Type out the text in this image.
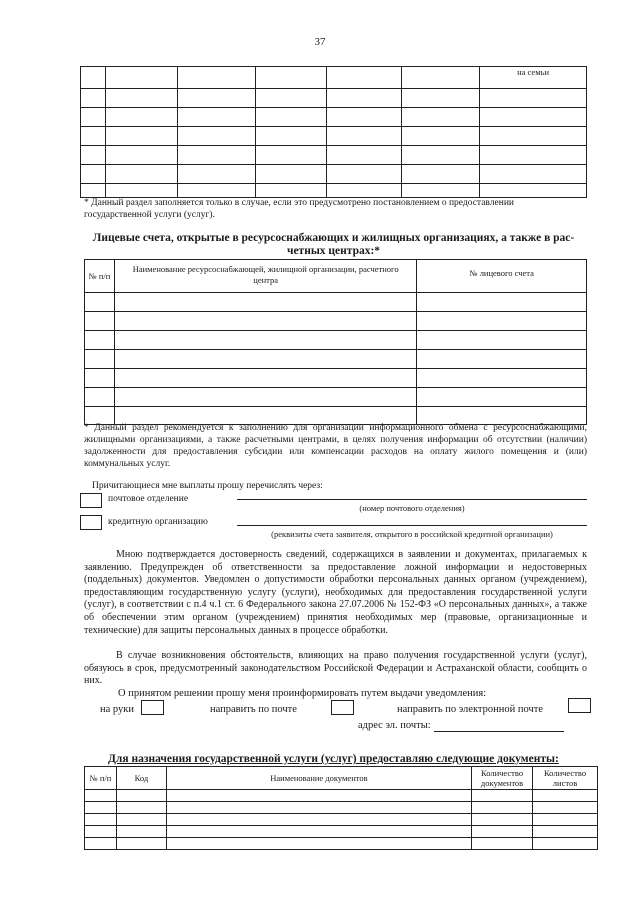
37
						на семьи

* Данный раздел заполняется только в случае, если это предусмотрено постановлением о предоставлении государственной услуги (услуг).
Лицевые счета, открытые в ресурсоснабжающих и жилищных организациях, а также в рас-
четных центрах:*
№ п/п	Наименование ресурсоснабжающей, жилищной организации, расчетного центра	№ лицевого счета

* Данный раздел рекомендуется к заполнению для организации информационного обмена с ресурсоснабжающими, жилищными организациями, а также расчетными центрами, в целях получения информации об отсутствии (наличии) задолженности для предоставления субсидии или компенсации расходов на оплату жилого помещения и (или) коммунальных услуг.
Причитающиеся мне выплаты прошу перечислять через:
почтовое отделение
(номер почтового отделения)
кредитную организацию
(реквизиты счета заявителя, открытого в российской кредитной организации)
Мною подтверждается достоверность сведений, содержащихся в заявлении и документах, прилагаемых к заявлению. Предупрежден об ответственности за предоставление ложной информации и недостоверных (поддельных) документов. Уведомлен о допустимости обработки персональных данных органом (учреждением), предоставляющим государственную услугу (услуги), необходимых для предоставления государственной услуги (услуг), в соответствии с п.4 ч.1 ст. 6 Федерального закона 27.07.2006 № 152-ФЗ «О персональных данных», а также об обеспечении этим органом (учреждением) принятия необходимых мер (правовые, организационные и технические) для защиты персональных данных в процессе обработки.
В случае возникновения обстоятельств, влияющих на право получения государственной услуги (услуг), обязуюсь в срок, предусмотренный законодательством Российской Федерации и Астраханской области, сообщить о них.
О принятом решении прошу меня проинформировать путем выдачи уведомления:
на руки	направить по почте	направить по электронной почте
адрес эл. почты:
Для назначения государственной услуги (услуг) предоставляю следующие документы:
№ п/п	Код	Наименование документов	Количество документов	Количество листов
